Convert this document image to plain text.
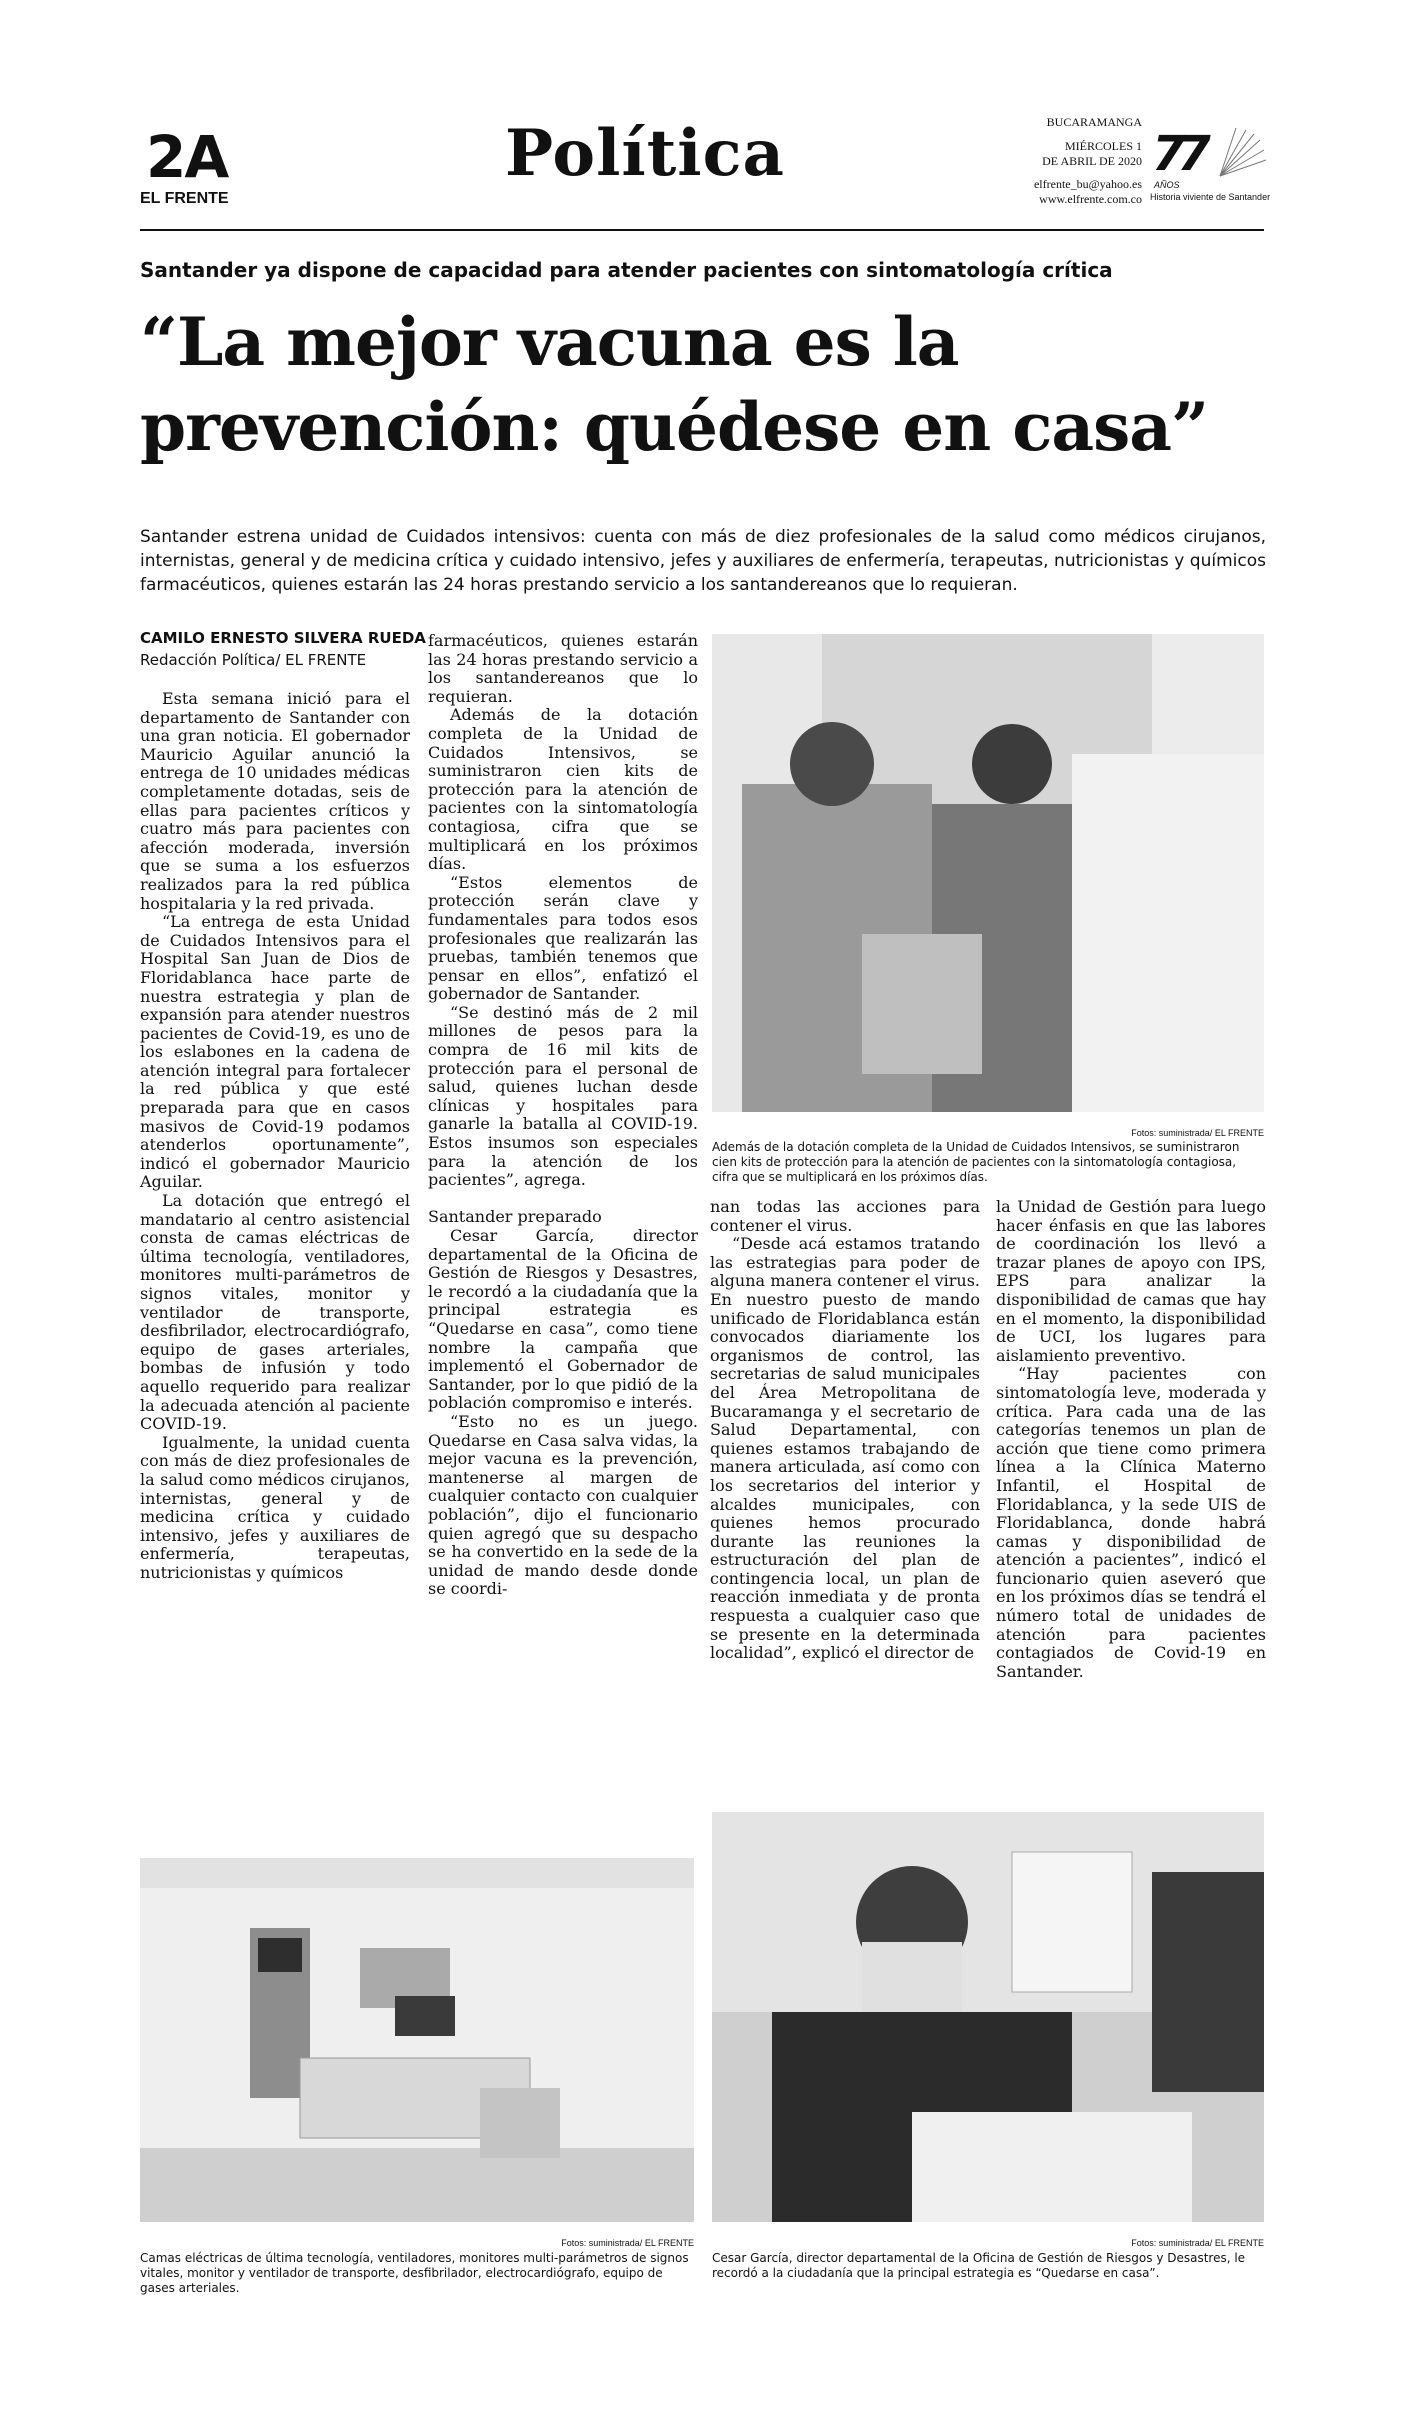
2A
EL FRENTE
Política	BUCARAMANGA
MIÉRCOLES 1
DE ABRIL DE 2020
elfrente_bu@yahoo.es
www.elfrente.com.co
77
AÑOS
Historia viviente de Santander
Santander ya dispone de capacidad para atender pacientes con sintomatología crítica
“La mejor vacuna es la prevención: quédese en casa”
Santander estrena unidad de Cuidados intensivos: cuenta con más de diez profesionales de la salud como médicos cirujanos, internistas, general y de medicina crítica y cuidado intensivo, jefes y auxiliares de enfermería, terapeutas, nutricionistas y químicos farmacéuticos, quienes estarán las 24 horas prestando servicio a los santandereanos que lo requieran.
CAMILO ERNESTO SILVERA RUEDA
Redacción Política/ EL FRENTE

Esta semana inició para el departamento de Santander con una gran noticia. El gobernador Mauricio Aguilar anunció la entrega de 10 unidades médicas completamente dotadas, seis de ellas para pacientes críticos y cuatro más para pacientes con afección moderada, inversión que se suma a los esfuerzos realizados para la red pública hospitalaria y la red privada.

“La entrega de esta Unidad de Cuidados Intensivos para el Hospital San Juan de Dios de Floridablanca hace parte de nuestra estrategia y plan de expansión para atender nuestros pacientes de Covid-19, es uno de los eslabones en la cadena de atención integral para fortalecer la red pública y que esté preparada para que en casos masivos de Covid-19 podamos atenderlos oportunamente”, indicó el gobernador Mauricio Aguilar.

La dotación que entregó el mandatario al centro asistencial consta de camas eléctricas de última tecnología, ventiladores, monitores multi-parámetros de signos vitales, monitor y ventilador de transporte, desfibrilador, electrocardiógrafo, equipo de gases arteriales, bombas de infusión y todo aquello requerido para realizar la adecuada atención al paciente COVID-19.

Igualmente, la unidad cuenta con más de diez profesionales de la salud como médicos cirujanos, internistas, general y de medicina crítica y cuidado intensivo, jefes y auxiliares de enfermería, terapeutas, nutricionistas y químicos

farmacéuticos, quienes estarán las 24 horas prestando servicio a los santandereanos que lo requieran.

Además de la dotación completa de la Unidad de Cuidados Intensivos, se suministraron cien kits de protección para la atención de pacientes con la sintomatología contagiosa, cifra que se multiplicará en los próximos días.

“Estos elementos de protección serán clave y fundamentales para todos esos profesionales que realizarán las pruebas, también tenemos que pensar en ellos”, enfatizó el gobernador de Santander.

“Se destinó más de 2 mil millones de pesos para la compra de 16 mil kits de protección para el personal de salud, quienes luchan desde clínicas y hospitales para ganarle la batalla al COVID-19. Estos insumos son especiales para la atención de los pacientes”, agrega.

Santander preparado

Cesar García, director departamental de la Oficina de Gestión de Riesgos y Desastres, le recordó a la ciudadanía que la principal estrategia es “Quedarse en casa”, como tiene nombre la campaña que implementó el Gobernador de Santander, por lo que pidió de la población compromiso e interés.

“Esto no es un juego. Quedarse en Casa salva vidas, la mejor vacuna es la prevención, mantenerse al margen de cualquier contacto con cualquier población”, dijo el funcionario quien agregó que su despacho se ha convertido en la sede de la unidad de mando desde donde se coordi-

Fotos: suministrada/ EL FRENTE
Además de la dotación completa de la Unidad de Cuidados Intensivos, se suministraron cien kits de protección para la atención de pacientes con la sintomatología contagiosa, cifra que se multiplicará en los próximos días.

nan todas las acciones para contener el virus.

“Desde acá estamos tratando las estrategias para poder de alguna manera contener el virus. En nuestro puesto de mando unificado de Floridablanca están convocados diariamente los organismos de control, las secretarias de salud municipales del Área Metropolitana de Bucaramanga y el secretario de Salud Departamental, con quienes estamos trabajando de manera articulada, así como con los secretarios del interior y alcaldes municipales, con quienes hemos procurado durante las reuniones la estructuración del plan de contingencia local, un plan de reacción inmediata y de pronta respuesta a cualquier caso que se presente en la determinada localidad”, explicó el director de

la Unidad de Gestión para luego hacer énfasis en que las labores de coordinación los llevó a trazar planes de apoyo con IPS, EPS para analizar la disponibilidad de camas que hay en el momento, la disponibilidad de UCI, los lugares para aislamiento preventivo.

“Hay pacientes con sintomatología leve, moderada y crítica. Para cada una de las categorías tenemos un plan de acción que tiene como primera línea a la Clínica Materno Infantil, el Hospital de Floridablanca, y la sede UIS de Floridablanca, donde habrá camas y disponibilidad de atención a pacientes”, indicó el funcionario quien aseveró que en los próximos días se tendrá el número total de unidades de atención para pacientes contagiados de Covid-19 en Santander.

Fotos: suministrada/ EL FRENTE
Camas eléctricas de última tecnología, ventiladores, monitores multi-parámetros de signos vitales, monitor y ventilador de transporte, desfibrilador, electrocardiógrafo, equipo de gases arteriales.
Fotos: suministrada/ EL FRENTE
Cesar García, director departamental de la Oficina de Gestión de Riesgos y Desastres, le recordó a la ciudadanía que la principal estrategia es “Quedarse en casa”.
